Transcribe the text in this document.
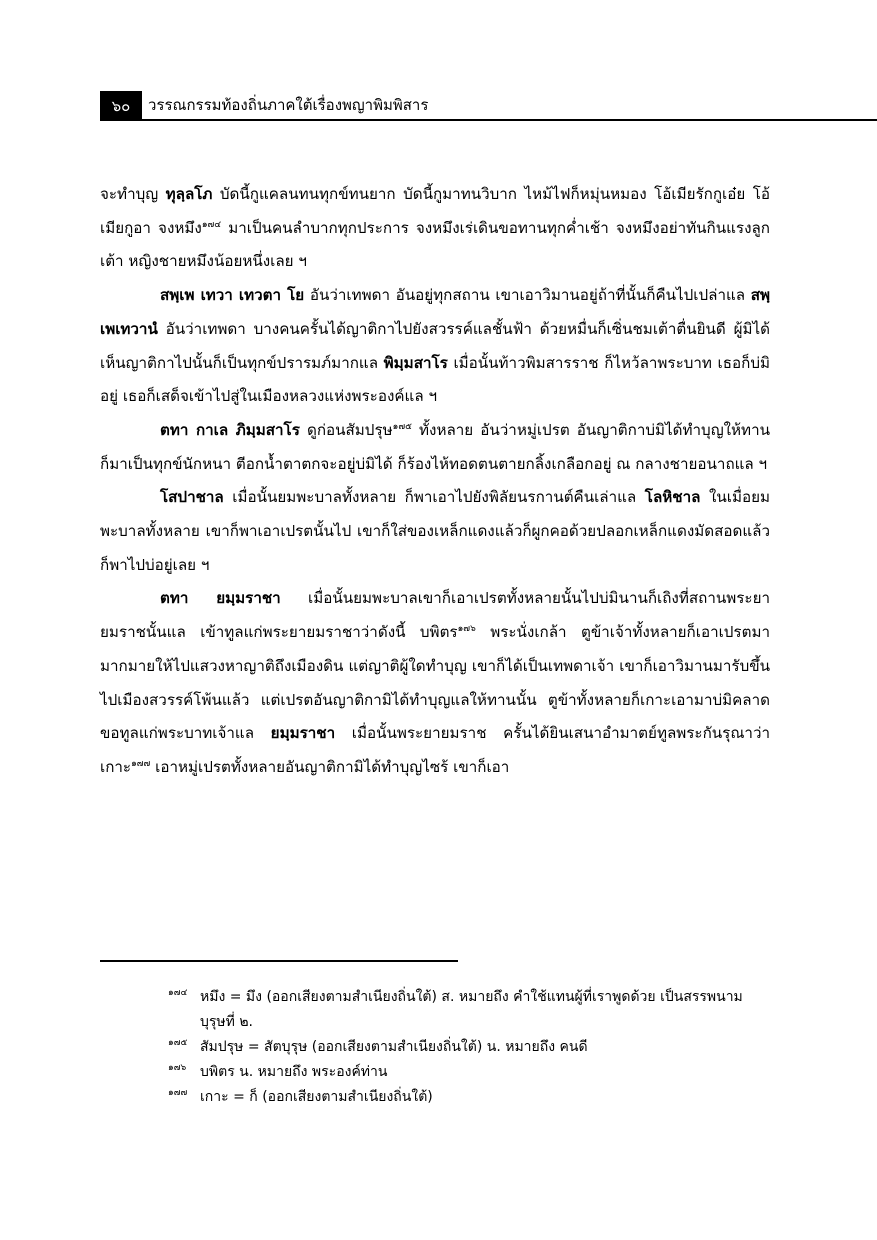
๖๐	วรรณกรรมท้องถิ่นภาคใต้เรื่องพญาพิมพิสาร

จะทำบุญ ทุลฺลโภ บัดนี้กูแคลนทนทุกข์ทนยาก บัดนี้กูมาทนวิบาก ไหม้ไฟก็หมุ่นหมอง โอ้เมียรักกูเอ๋ย โอ้เมียกูอา จงหมึง$^{๑๗๔}$ มาเป็นคนลำบากทุกประการ จงหมึงเร่เดินขอทานทุกค่ำเช้า จงหมึงอย่าทันกินแรงลูกเต้า หญิงชายหมึงน้อยหนึ่งเลย ฯ

สพฺเพ เทวา เทวตา โย อันว่าเทพดา อันอยู่ทุกสถาน เขาเอาวิมานอยู่ถ้าที่นั้นก็คืนไปเปล่าแล สพฺเพเทวานํ อันว่าเทพดา บางคนครั้นได้ญาติกาไปยังสวรรค์แลชั้นฟ้า ด้วยหมื่นก็เซิ่นชมเต้าตื่นยินดี ผู้มิได้เห็นญาติกาไปนั้นก็เป็นทุกข์ปรารมภ์มากแล พิมฺมสาโร เมื่อนั้นท้าวพิมสารราช ก็ไหว้ลาพระบาท เธอก็บ่มิอยู่ เธอก็เสด็จเข้าไปสู่ในเมืองหลวงแห่งพระองค์แล ฯ

ตทา กาเล ภิมฺมสาโร ดูก่อนสัมปรุษ$^{๑๗๕}$ ทั้งหลาย อันว่าหมู่เปรต อันญาติกาบ่มิได้ทำบุญให้ทาน ก็มาเป็นทุกข์นักหนา ตีอกน้ำตาตกจะอยู่บ่มิได้ ก็ร้องไห้ทอดตนตายกลิ้งเกลือกอยู่ ณ กลางชายอนาถแล ฯ

โสปาชาล เมื่อนั้นยมพะบาลทั้งหลาย ก็พาเอาไปยังพิลัยนรกานต์คืนเล่าแล โลหิชาล ในเมื่อยมพะบาลทั้งหลาย เขาก็พาเอาเปรตนั้นไป เขาก็ใส่ของเหล็กแดงแล้วก็ผูกคอด้วยปลอกเหล็กแดงมัดสอดแล้วก็พาไปบ่อยู่เลย ฯ

ตทา ยมฺมราชา เมื่อนั้นยมพะบาลเขาก็เอาเปรตทั้งหลายนั้นไปบ่มินานก็เถิงที่สถานพระยายมราชนั้นแล เข้าทูลแก่พระยายมราชาว่าดังนี้ บพิตร$^{๑๗๖}$ พระนั่งเกล้า ตูข้าเจ้าทั้งหลายก็เอาเปรตมามากมายให้ไปแสวงหาญาติถึงเมืองดิน แต่ญาติผู้ใดทำบุญ เขาก็ได้เป็นเทพดาเจ้า เขาก็เอาวิมานมารับขึ้นไปเมืองสวรรค์โพ้นแล้ว แต่เปรตอันญาติกามิได้ทำบุญแลให้ทานนั้น ตูข้าทั้งหลายก็เกาะเอามาบ่มิคลาดขอทูลแก่พระบาทเจ้าแล ยมฺมราชา เมื่อนั้นพระยายมราช ครั้นได้ยินเสนาอำมาตย์ทูลพระกันรุณาว่า เกาะ$^{๑๗๗}$ เอาหมู่เปรตทั้งหลายอันญาติกามิได้ทำบุญไซร้ เขาก็เอา

๑๗๔ หมึง = มึง (ออกเสียงตามสำเนียงถิ่นใต้) ส. หมายถึง คำใช้แทนผู้ที่เราพูดด้วย เป็นสรรพนามบุรุษที่ ๒.
๑๗๕ สัมปรุษ = สัตบุรุษ (ออกเสียงตามสำเนียงถิ่นใต้) น. หมายถึง คนดี
๑๗๖ บพิตร น. หมายถึง พระองค์ท่าน
๑๗๗ เกาะ = ก็ (ออกเสียงตามสำเนียงถิ่นใต้)
